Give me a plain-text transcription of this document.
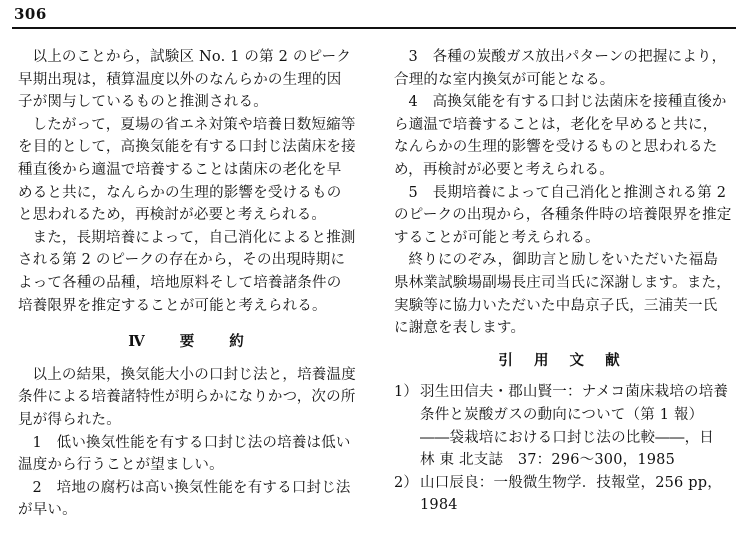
306

以上のことから，試験区 No. 1 の第 2 のピーク早期出現は，積算温度以外のなんらかの生理的因子が関与しているものと推測される。

したがって，夏場の省エネ対策や培養日数短縮等を目的として，高換気能を有する口封じ法菌床を接種直後から適温で培養することは菌床の老化を早めると共に，なんらかの生理的影響を受けるものと思われるため，再検討が必要と考えられる。

また，長期培養によって，自己消化によると推測される第 2 のピークの存在から，その出現時期によって各種の品種，培地原料そして培養諸条件の培養限界を推定することが可能と考えられる。

Ⅳ 要 約

以上の結果，換気能大小の口封じ法と，培養温度条件による培養諸特性が明らかになりかつ，次の所見が得られた。

1　低い換気性能を有する口封じ法の培養は低い温度から行うことが望ましい。

2　培地の腐朽は高い換気性能を有する口封じ法が早い。

3　各種の炭酸ガス放出パターンの把握により，合理的な室内換気が可能となる。

4　高換気能を有する口封じ法菌床を接種直後から適温で培養することは，老化を早めると共に，なんらかの生理的影響を受けるものと思われるため，再検討が必要と考えられる。

5　長期培養によって自己消化と推測される第 2 のピークの出現から，各種条件時の培養限界を推定することが可能と考えられる。

終りにのぞみ，御助言と励しをいただいた福島県林業試験場副場長庄司当氏に深謝します。また，実験等に協力いただいた中島京子氏，三浦芙一氏に謝意を表します。

引 用 文 献
1） 羽生田信夫・郡山賢一：ナメコ菌床栽培の培養条件と炭酸ガスの動向について（第 1 報）――袋栽培における口封じ法の比較――，日 林 東 北支誌　37：296〜300，1985
2） 山口辰良：一般微生物学．技報堂，256 pp，1984
